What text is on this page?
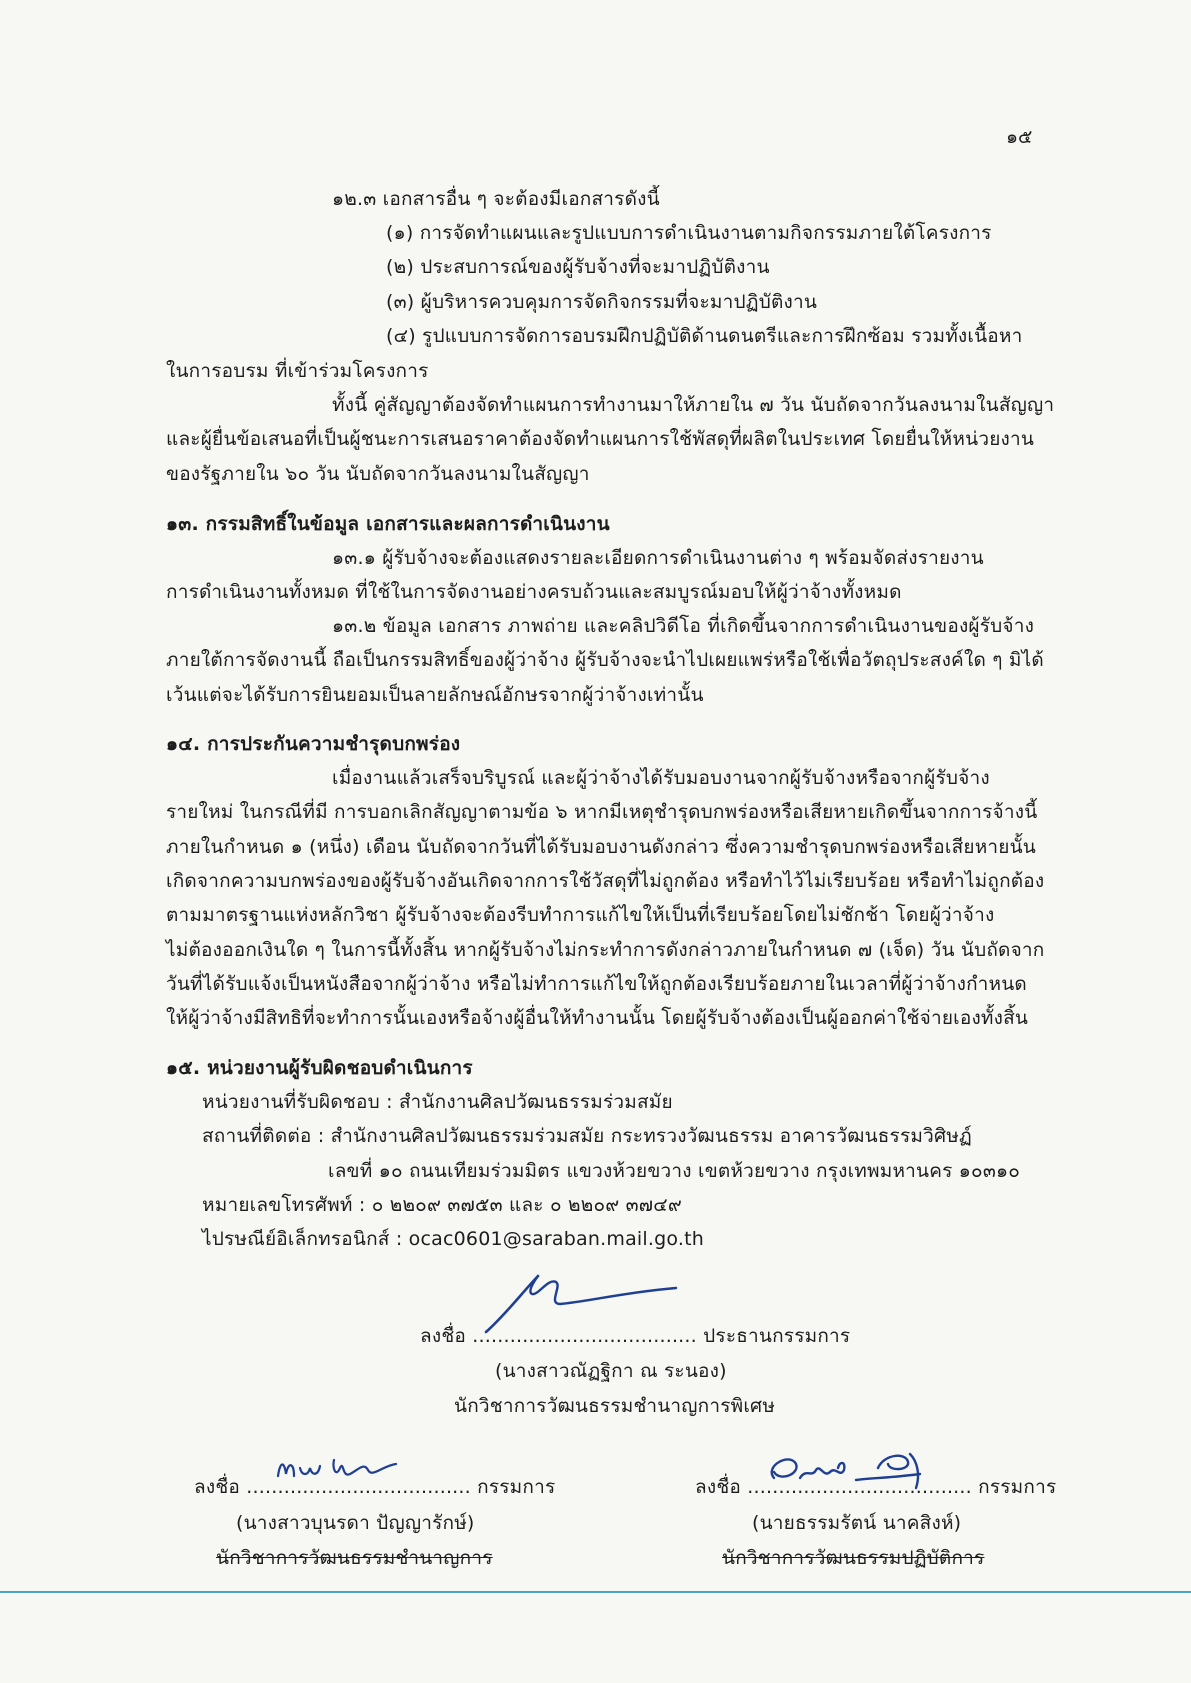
๑๕
๑๒.๓ เอกสารอื่น ๆ จะต้องมีเอกสารดังนี้
(๑) การจัดทำแผนและรูปแบบการดำเนินงานตามกิจกรรมภายใต้โครงการ
(๒) ประสบการณ์ของผู้รับจ้างที่จะมาปฏิบัติงาน
(๓) ผู้บริหารควบคุมการจัดกิจกรรมที่จะมาปฏิบัติงาน
(๔) รูปแบบการจัดการอบรมฝึกปฏิบัติด้านดนตรีและการฝึกซ้อม รวมทั้งเนื้อหา
ในการอบรม ที่เข้าร่วมโครงการ
ทั้งนี้ คู่สัญญาต้องจัดทำแผนการทำงานมาให้ภายใน ๗ วัน นับถัดจากวันลงนามในสัญญา
และผู้ยื่นข้อเสนอที่เป็นผู้ชนะการเสนอราคาต้องจัดทำแผนการใช้พัสดุที่ผลิตในประเทศ โดยยื่นให้หน่วยงาน
ของรัฐภายใน ๖๐ วัน นับถัดจากวันลงนามในสัญญา
๑๓. กรรมสิทธิ์ในข้อมูล เอกสารและผลการดำเนินงาน
๑๓.๑ ผู้รับจ้างจะต้องแสดงรายละเอียดการดำเนินงานต่าง ๆ พร้อมจัดส่งรายงาน
การดำเนินงานทั้งหมด ที่ใช้ในการจัดงานอย่างครบถ้วนและสมบูรณ์มอบให้ผู้ว่าจ้างทั้งหมด
๑๓.๒ ข้อมูล เอกสาร ภาพถ่าย และคลิปวิดีโอ ที่เกิดขึ้นจากการดำเนินงานของผู้รับจ้าง
ภายใต้การจัดงานนี้ ถือเป็นกรรมสิทธิ์ของผู้ว่าจ้าง ผู้รับจ้างจะนำไปเผยแพร่หรือใช้เพื่อวัตถุประสงค์ใด ๆ มิได้
เว้นแต่จะได้รับการยินยอมเป็นลายลักษณ์อักษรจากผู้ว่าจ้างเท่านั้น
๑๔. การประกันความชำรุดบกพร่อง
เมื่องานแล้วเสร็จบริบูรณ์ และผู้ว่าจ้างได้รับมอบงานจากผู้รับจ้างหรือจากผู้รับจ้าง
รายใหม่ ในกรณีที่มี การบอกเลิกสัญญาตามข้อ ๖ หากมีเหตุชำรุดบกพร่องหรือเสียหายเกิดขึ้นจากการจ้างนี้
ภายในกำหนด ๑ (หนึ่ง) เดือน นับถัดจากวันที่ได้รับมอบงานดังกล่าว ซึ่งความชำรุดบกพร่องหรือเสียหายนั้น
เกิดจากความบกพร่องของผู้รับจ้างอันเกิดจากการใช้วัสดุที่ไม่ถูกต้อง หรือทำไว้ไม่เรียบร้อย หรือทำไม่ถูกต้อง
ตามมาตรฐานแห่งหลักวิชา ผู้รับจ้างจะต้องรีบทำการแก้ไขให้เป็นที่เรียบร้อยโดยไม่ชักช้า โดยผู้ว่าจ้าง
ไม่ต้องออกเงินใด ๆ ในการนี้ทั้งสิ้น หากผู้รับจ้างไม่กระทำการดังกล่าวภายในกำหนด ๗ (เจ็ด) วัน นับถัดจาก
วันที่ได้รับแจ้งเป็นหนังสือจากผู้ว่าจ้าง หรือไม่ทำการแก้ไขให้ถูกต้องเรียบร้อยภายในเวลาที่ผู้ว่าจ้างกำหนด
ให้ผู้ว่าจ้างมีสิทธิที่จะทำการนั้นเองหรือจ้างผู้อื่นให้ทำงานนั้น โดยผู้รับจ้างต้องเป็นผู้ออกค่าใช้จ่ายเองทั้งสิ้น
๑๕. หน่วยงานผู้รับผิดชอบดำเนินการ
หน่วยงานที่รับผิดชอบ : สำนักงานศิลปวัฒนธรรมร่วมสมัย
สถานที่ติดต่อ : สำนักงานศิลปวัฒนธรรมร่วมสมัย กระทรวงวัฒนธรรม อาคารวัฒนธรรมวิศิษฏ์
เลขที่ ๑๐ ถนนเทียมร่วมมิตร แขวงห้วยขวาง เขตห้วยขวาง กรุงเทพมหานคร ๑๐๓๑๐
หมายเลขโทรศัพท์ : ๐ ๒๒๐๙ ๓๗๕๓ และ ๐ ๒๒๐๙ ๓๗๔๙
ไปรษณีย์อิเล็กทรอนิกส์ : ocac0601@saraban.mail.go.th
ลงชื่อ .................................... ประธานกรรมการ
(นางสาวณัฏฐิกา ณ ระนอง)
นักวิชาการวัฒนธรรมชำนาญการพิเศษ
ลงชื่อ .................................... กรรมการ
(นางสาวบุนรดา ปัญญารักษ์)
นักวิชาการวัฒนธรรมชำนาญการ
ลงชื่อ .................................... กรรมการ
(นายธรรมรัตน์ นาคสิงห์)
นักวิชาการวัฒนธรรมปฏิบัติการ
